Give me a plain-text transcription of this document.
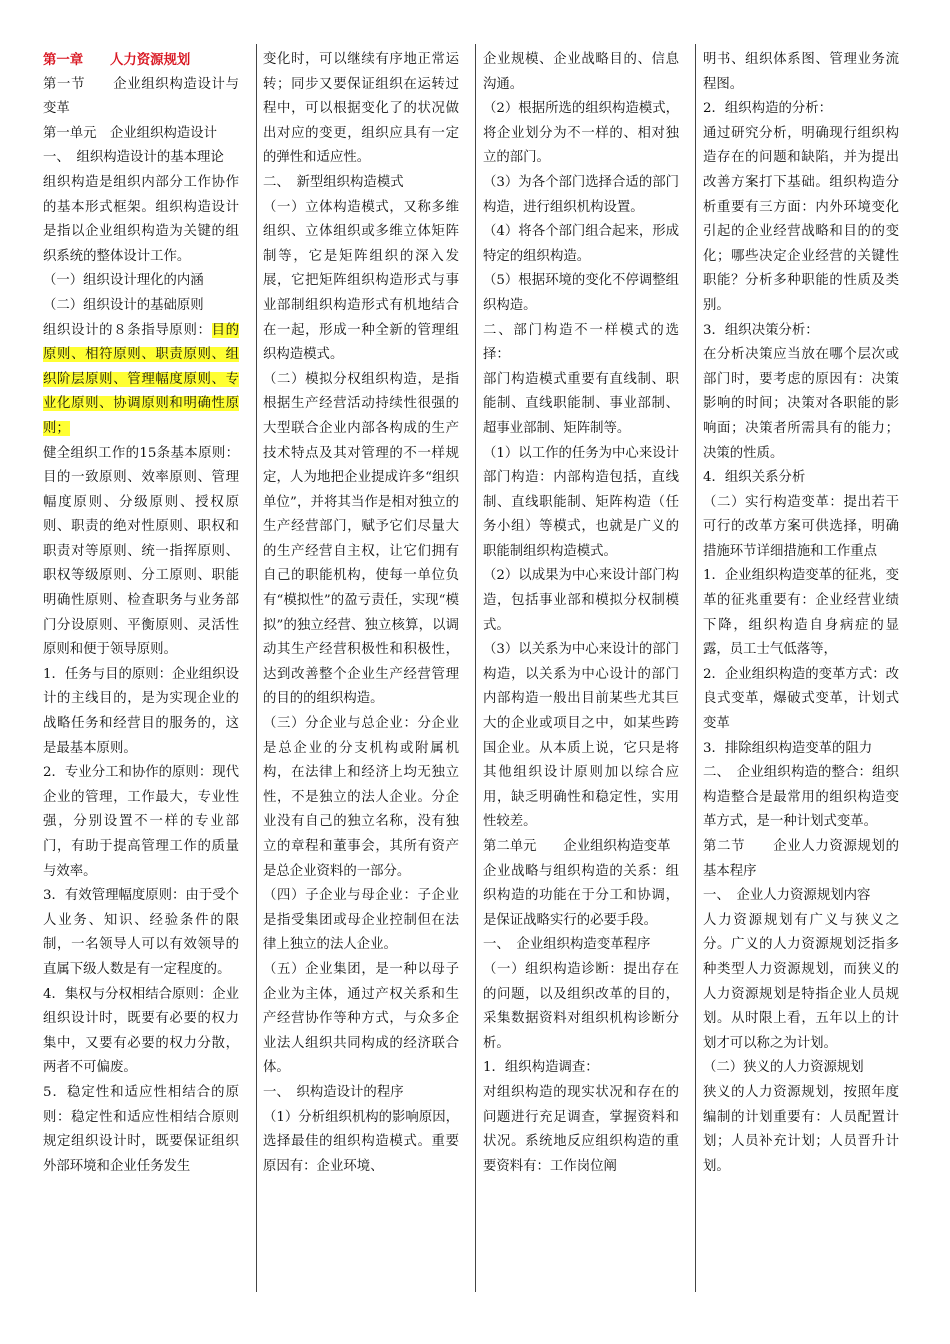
第一章　　人力资源规划

第一节　　企业组织构造设计与变革

第一单元　企业组织构造设计

一、　组织构造设计的基本理论

组织构造是组织内部分工作协作的基本形式框架。组织构造设计是指以企业组织构造为关键的组织系统的整体设计工作。

（一）组织设计理化的内涵

（二）组织设计的基础原则

组织设计的８条指导原则：目的原则、相符原则、职责原则、组织阶层原则、管理幅度原则、专业化原则、协调原则和明确性原则；

健全组织工作的15条基本原则：目的一致原则、效率原则、管理幅度原则、分级原则、授权原则、职责的绝对性原则、职权和职责对等原则、统一指挥原则、职权等级原则、分工原则、职能明确性原则、检查职务与业务部门分设原则、平衡原则、灵活性原则和便于领导原则。

1．任务与目的原则：企业组织设计的主线目的，是为实现企业的战略任务和经营目的服务的，这是最基本原则。

2．专业分工和协作的原则：现代企业的管理，工作最大，专业性强，分别设置不一样的专业部门，有助于提高管理工作的质量与效率。

3．有效管理幅度原则：由于受个人业务、知识、经验条件的限制，一名领导人可以有效领导的直属下级人数是有一定程度的。

4．集权与分权相结合原则：企业组织设计时，既要有必要的权力集中，又要有必要的权力分散，两者不可偏废。

5．稳定性和适应性相结合的原则：稳定性和适应性相结合原则规定组织设计时，既要保证组织外部环境和企业任务发生

变化时，可以继续有序地正常运转；同步又要保证组织在运转过程中，可以根据变化了的状况做出对应的变更，组织应具有一定的弹性和适应性。

二、　新型组织构造模式

（一）立体构造模式，又称多维组织、立体组织或多维立体矩阵制等，它是矩阵组织的深入发展，它把矩阵组织构造形式与事业部制组织构造形式有机地结合在一起，形成一种全新的管理组织构造模式。

（二）模拟分权组织构造，是指根据生产经营活动持续性很强的大型联合企业内部各构成的生产技术特点及其对管理的不一样规定，人为地把企业提成许多“组织单位”，并将其当作是相对独立的生产经营部门，赋予它们尽量大的生产经营自主权，让它们拥有自己的职能机构，使每一单位负有“模拟性”的盈亏责任，实现“模拟”的独立经营、独立核算，以调动其生产经营积极性和积极性，达到改善整个企业生产经营管理的目的的组织构造。

（三）分企业与总企业：分企业是总企业的分支机构或附属机构，在法律上和经济上均无独立性，不是独立的法人企业。分企业没有自己的独立名称，没有独立的章程和董事会，其所有资产是总企业资料的一部分。

（四）子企业与母企业：子企业是指受集团或母企业控制但在法律上独立的法人企业。

（五）企业集团，是一种以母子企业为主体，通过产权关系和生产经营协作等种方式，与众多企业法人组织共同构成的经济联合体。

一、　织构造设计的程序

（1）分析组织机构的影响原因，选择最佳的组织构造模式。重要原因有：企业环境、

企业规模、企业战略目的、信息沟通。

（2）根据所选的组织构造模式，将企业划分为不一样的、相对独立的部门。

（3）为各个部门选择合适的部门构造，进行组织机构设置。

（4）将各个部门组合起来，形成特定的组织构造。

（5）根据环境的变化不停调整组织构造。

二、部门构造不一样模式的选择：

部门构造模式重要有直线制、职能制、直线职能制、事业部制、超事业部制、矩阵制等。

（1）以工作的任务为中心来设计部门构造：内部构造包括，直线制、直线职能制、矩阵构造（任务小组）等模式，也就是广义的职能制组织构造模式。

（2）以成果为中心来设计部门构造，包括事业部和模拟分权制模式。

（3）以关系为中心来设计的部门构造，以关系为中心设计的部门内部构造一般出目前某些尤其巨大的企业或项目之中，如某些跨国企业。从本质上说，它只是将其他组织设计原则加以综合应用，缺乏明确性和稳定性，实用性较差。

第二单元　　企业组织构造变革

企业战略与组织构造的关系：组织构造的功能在于分工和协调，是保证战略实行的必要手段。

一、　企业组织构造变革程序

（一）组织构造诊断：提出存在的问题，以及组织改革的目的，采集数据资料对组织机构诊断分析。

1．组织构造调查：

对组织构造的现实状况和存在的问题进行充足调查，掌握资料和状况。系统地反应组织构造的重要资料有：工作岗位阐

明书、组织体系图、管理业务流程图。

2．组织构造的分析：

通过研究分析，明确现行组织构造存在的问题和缺陷，并为提出改善方案打下基础。组织构造分析重要有三方面：内外环境变化引起的企业经营战略和目的的变化；哪些决定企业经营的关键性职能？分析多种职能的性质及类别。

3．组织决策分析：

在分析决策应当放在哪个层次或部门时，要考虑的原因有：决策影响的时间；决策对各职能的影响面；决策者所需具有的能力；决策的性质。

4．组织关系分析

（二）实行构造变革：提出若干可行的改革方案可供选择，明确措施环节详细措施和工作重点

1．企业组织构造变革的征兆，变革的征兆重要有：企业经营业绩下降，组织构造自身病症的显露，员工士气低落等，

2．企业组织构造的变革方式：改良式变革，爆破式变革，计划式变革

3．排除组织构造变革的阻力

二、　企业组织构造的整合：组织构造整合是最常用的组织构造变革方式，是一种计划式变革。

第二节　　企业人力资源规划的基本程序

一、　企业人力资源规划内容

人力资源规划有广义与狭义之分。广义的人力资源规划泛指多种类型人力资源规划，而狭义的人力资源规划是特指企业人员规划。从时限上看，五年以上的计划才可以称之为计划。

（二）狭义的人力资源规划

狭义的人力资源规划，按照年度编制的计划重要有：人员配置计划；人员补充计划；人员晋升计划。
